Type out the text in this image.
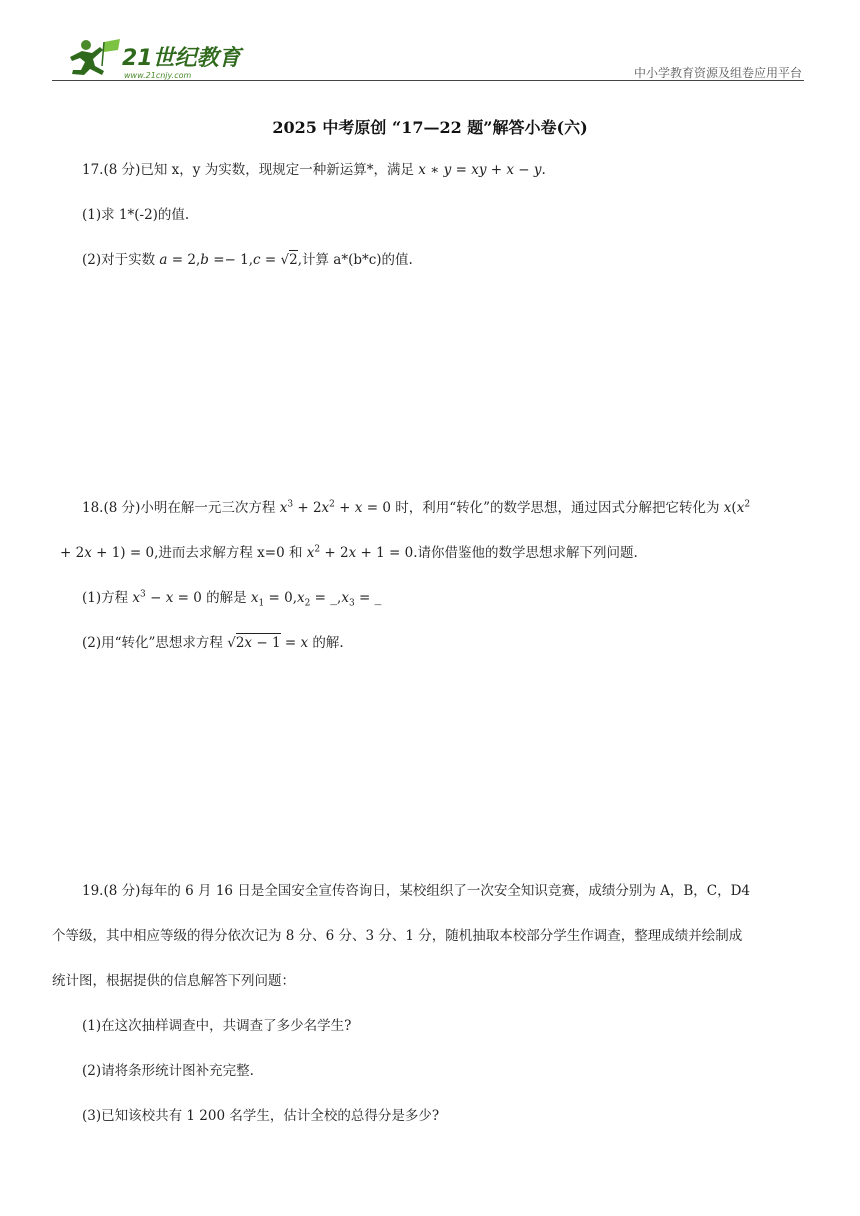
21世纪教育
www.21cnjy.com	中小学教育资源及组卷应用平台
2025 中考原创 “17—22 题”解答小卷(六)
17.(8 分)已知 x，y 为实数，现规定一种新运算*，满足 x ∗ y = xy + x − y.
(1)求 1*(-2)的值.
(2)对于实数 a = 2,b =− 1,c = √2,计算 a*(b*c)的值.
18.(8 分)小明在解一元三次方程 $x^3 + 2x^2 + x = 0$ 时，利用“转化”的数学思想，通过因式分解把它转化为 $x(x^2$
+ 2x + 1) = 0,进而去求解方程 x=0 和 $x^2 + 2x + 1 = 0$.请你借鉴他的数学思想求解下列问题.
(1)方程 $x^3 - x = 0$ 的解是 $x_1 = 0,x_2$ = $\_,x_3$ = _
(2)用“转化”思想求方程 √2x − 1 = x 的解.
19.(8 分)每年的 6 月 16 日是全国安全宣传咨询日，某校组织了一次安全知识竞赛，成绩分别为 A，B，C，D4
个等级，其中相应等级的得分依次记为 8 分、6 分、3 分、1 分，随机抽取本校部分学生作调查，整理成绩并绘制成
统计图，根据提供的信息解答下列问题：
(1)在这次抽样调查中，共调查了多少名学生?
(2)请将条形统计图补充完整.
(3)已知该校共有 1 200 名学生，估计全校的总得分是多少?
